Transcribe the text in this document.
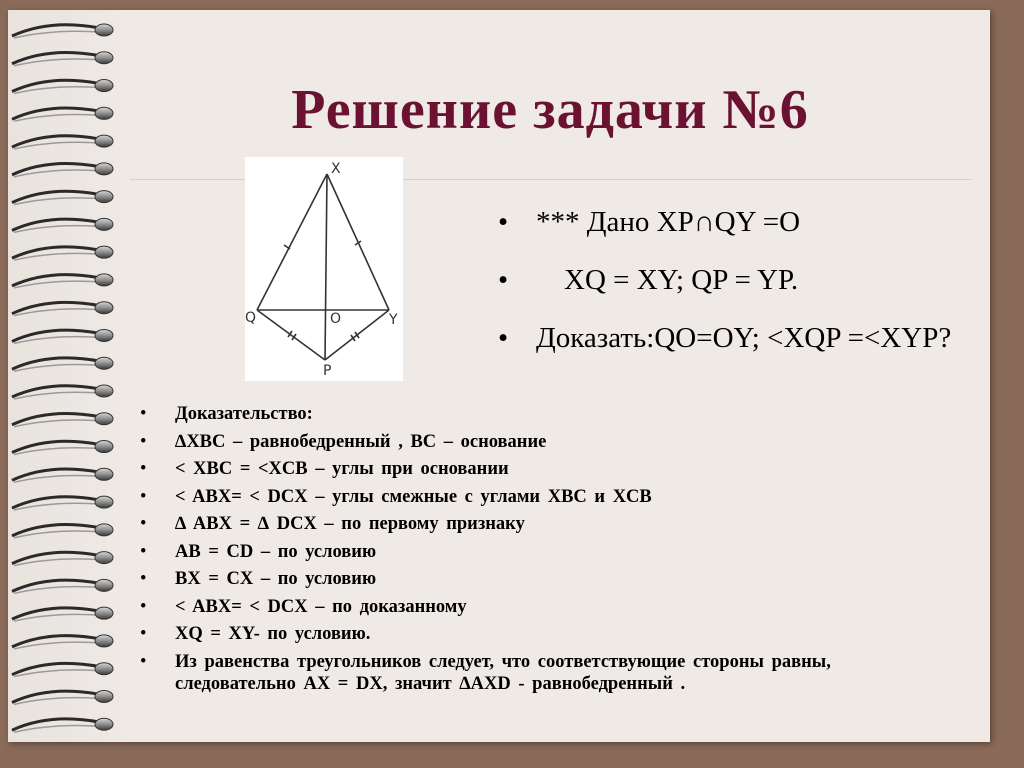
Решение задачи №6
X
Q	O	Y
P
• *** Дано XP∩QY =O
• XQ = XY; QP = YP.
• Доказать:QO=OY; <XQP =<XYP?
• Доказательство:
• ∆XBC – равнобедренный , BC – основание
• < XBC = <XCB – углы при основании
• < ABX= < DCX – углы смежные с углами XBC и XCB
• ∆ ABX = ∆ DCX – по первому признаку
• AB = CD – по условию
• BX = CX – по условию
• < ABX= < DCX – по доказанному
• XQ = XY- по условию.
• Из равенства треугольников следует, что соответствующие стороны равны, следовательно AX = DX, значит ∆AXD - равнобедренный .
